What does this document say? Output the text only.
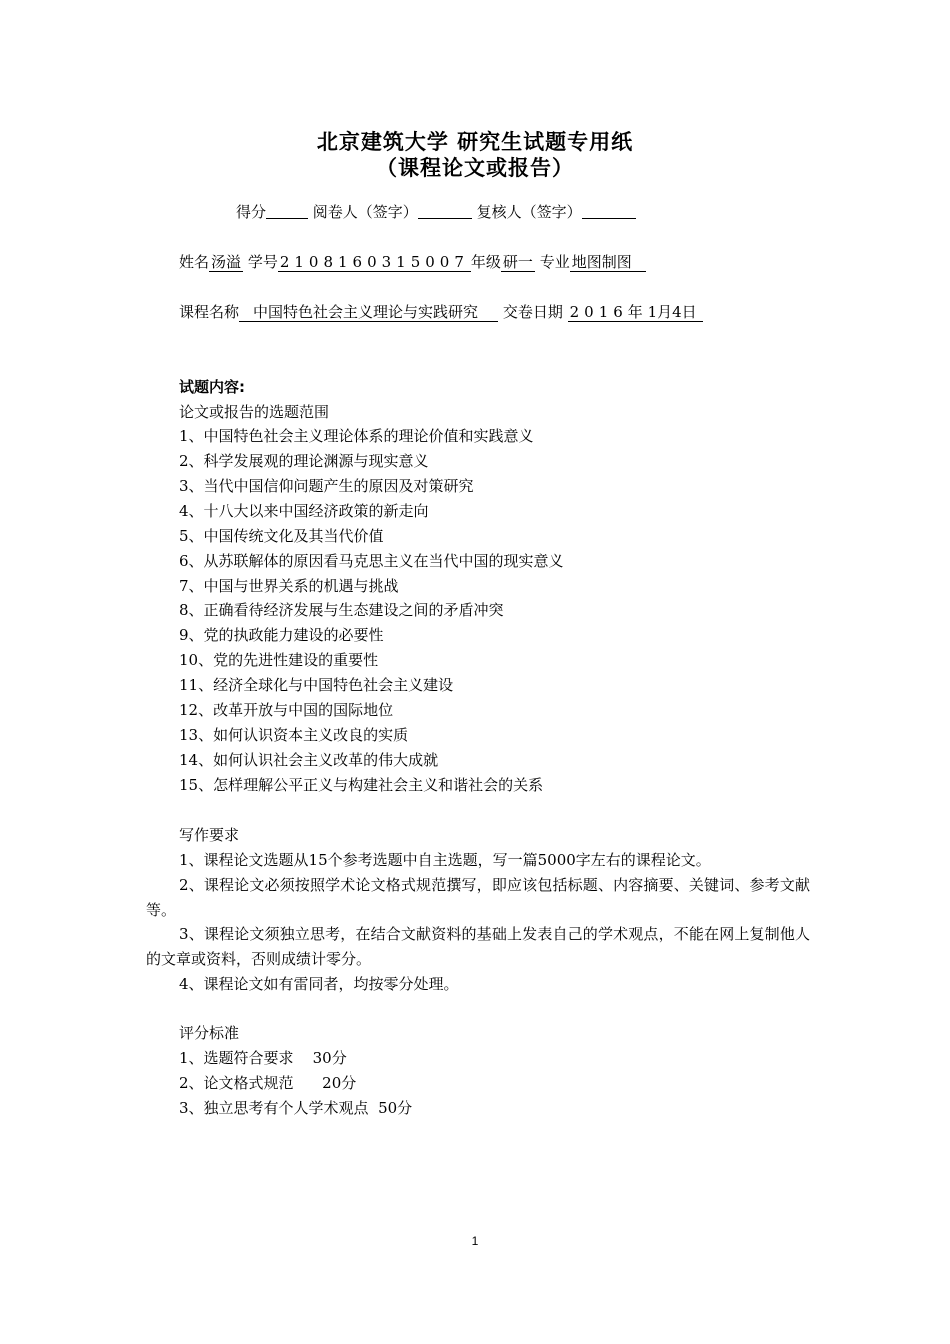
北京建筑大学 研究生试题专用纸
（课程论文或报告）
得分	阅卷人（签字）	复核人（签字）
姓名 汤溢 学号 2108160315007 年级 研一 专业 地图制图
课程名称 中国特色社会主义理论与实践研究 交卷日期 2016年 1月4日
试题内容:
论文或报告的选题范围
1、中国特色社会主义理论体系的理论价值和实践意义
2、科学发展观的理论渊源与现实意义
3、当代中国信仰问题产生的原因及对策研究
4、十八大以来中国经济政策的新走向
5、中国传统文化及其当代价值
6、从苏联解体的原因看马克思主义在当代中国的现实意义
7、中国与世界关系的机遇与挑战
8、正确看待经济发展与生态建设之间的矛盾冲突
9、党的执政能力建设的必要性
10、党的先进性建设的重要性
11、经济全球化与中国特色社会主义建设
12、改革开放与中国的国际地位
13、如何认识资本主义改良的实质
14、如何认识社会主义改革的伟大成就
15、怎样理解公平正义与构建社会主义和谐社会的关系
写作要求
1、课程论文选题从15个参考选题中自主选题，写一篇5000字左右的课程论文。
2、课程论文必须按照学术论文格式规范撰写，即应该包括标题、内容摘要、关键词、参考文献等。
3、课程论文须独立思考，在结合文献资料的基础上发表自己的学术观点，不能在网上复制他人的文章或资料，否则成绩计零分。
4、课程论文如有雷同者，均按零分处理。
评分标准
1、选题符合要求    30分
2、论文格式规范      20分
3、独立思考有个人学术观点  50分
1
